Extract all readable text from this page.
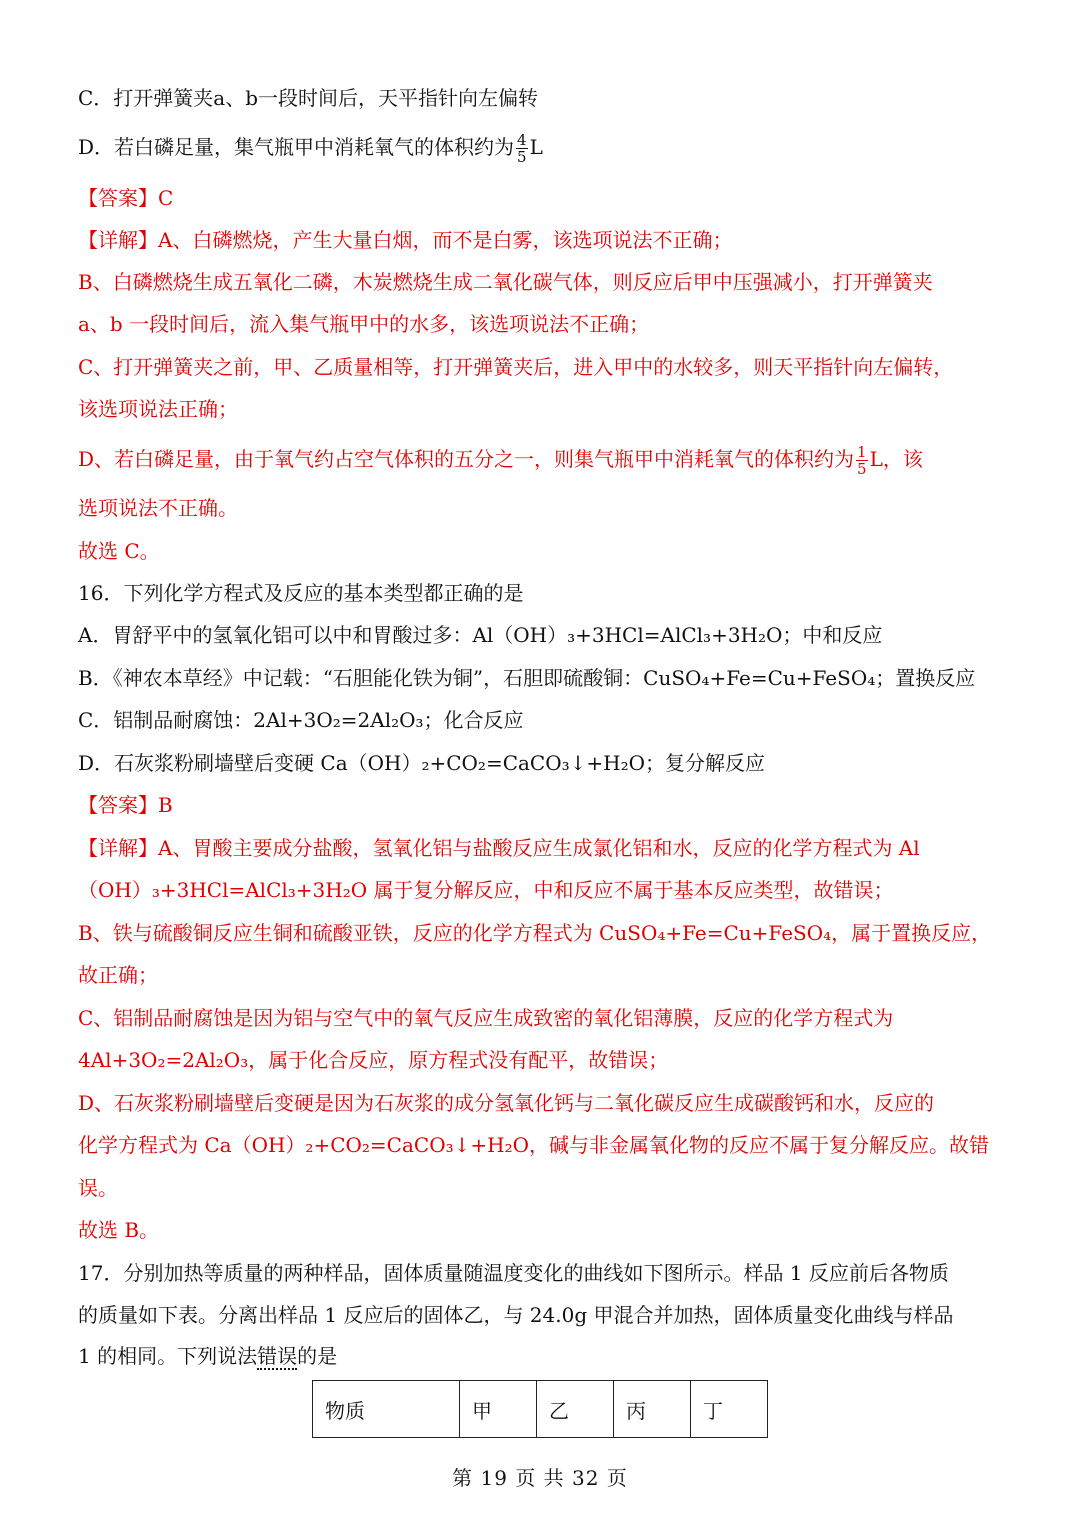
C．打开弹簧夹a、b一段时间后，天平指针向左偏转
D．若白磷足量，集气瓶甲中消耗氧气的体积约为 $\frac{4}{5}$ L
【答案】C
【详解】A、白磷燃烧，产生大量白烟，而不是白雾，该选项说法不正确；
B、白磷燃烧生成五氧化二磷，木炭燃烧生成二氧化碳气体，则反应后甲中压强减小，打开弹簧夹
a、b 一段时间后，流入集气瓶甲中的水多，该选项说法不正确；
C、打开弹簧夹之前，甲、乙质量相等，打开弹簧夹后，进入甲中的水较多，则天平指针向左偏转，
该选项说法正确；
D、若白磷足量，由于氧气约占空气体积的五分之一，则集气瓶甲中消耗氧气的体积约为 $\frac{1}{5}$ L，该
选项说法不正确。
故选 C。
16．下列化学方程式及反应的基本类型都正确的是
A．胃舒平中的氢氧化铝可以中和胃酸过多：Al（OH）₃+3HCl=AlCl₃+3H₂O；中和反应
B．《神农本草经》中记载：“石胆能化铁为铜”，石胆即硫酸铜：CuSO₄+Fe=Cu+FeSO₄；置换反应
C．铝制品耐腐蚀：2Al+3O₂=2Al₂O₃；化合反应
D．石灰浆粉刷墙壁后变硬 Ca（OH）₂+CO₂=CaCO₃↓+H₂O；复分解反应
【答案】B
【详解】A、胃酸主要成分盐酸，氢氧化铝与盐酸反应生成氯化铝和水，反应的化学方程式为 Al
（OH）₃+3HCl=AlCl₃+3H₂O 属于复分解反应，中和反应不属于基本反应类型，故错误；
B、铁与硫酸铜反应生铜和硫酸亚铁，反应的化学方程式为 CuSO₄+Fe=Cu+FeSO₄，属于置换反应，
故正确；
C、铝制品耐腐蚀是因为铝与空气中的氧气反应生成致密的氧化铝薄膜，反应的化学方程式为
4Al+3O₂=2Al₂O₃，属于化合反应，原方程式没有配平，故错误；
D、石灰浆粉刷墙壁后变硬是因为石灰浆的成分氢氧化钙与二氧化碳反应生成碳酸钙和水，反应的
化学方程式为 Ca（OH）₂+CO₂=CaCO₃↓+H₂O，碱与非金属氧化物的反应不属于复分解反应。故错
误。
故选 B。
17．分别加热等质量的两种样品，固体质量随温度变化的曲线如下图所示。样品 1 反应前后各物质
的质量如下表。分离出样品 1 反应后的固体乙，与 24.0g 甲混合并加热，固体质量变化曲线与样品
1 的相同。下列说法错误的是
物质	甲	乙	丙	丁
第 19 页 共 32 页
